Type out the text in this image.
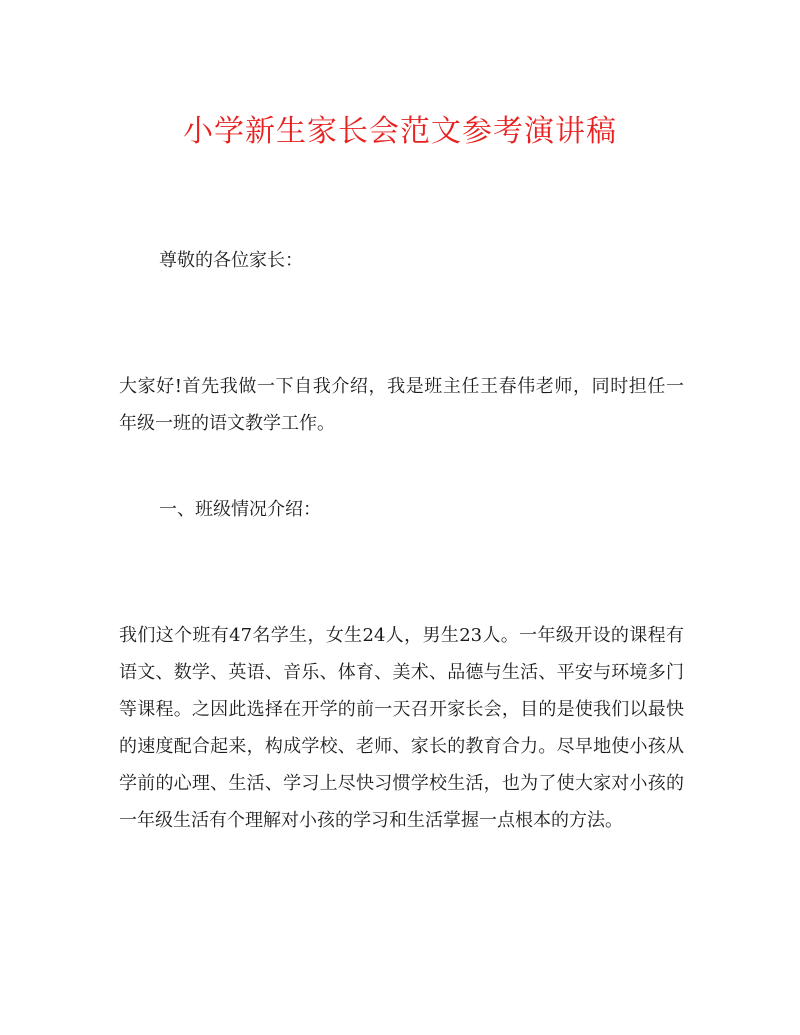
小学新生家长会范文参考演讲稿

尊敬的各位家长：

大家好!首先我做一下自我介绍，我是班主任王春伟老师，同时担任一年级一班的语文教学工作。

一、班级情况介绍：

我们这个班有47名学生，女生24人，男生23人。一年级开设的课程有语文、数学、英语、音乐、体育、美术、品德与生活、平安与环境多门等课程。之因此选择在开学的前一天召开家长会，目的是使我们以最快的速度配合起来，构成学校、老师、家长的教育合力。尽早地使小孩从学前的心理、生活、学习上尽快习惯学校生活，也为了使大家对小孩的一年级生活有个理解对小孩的学习和生活掌握一点根本的方法。
